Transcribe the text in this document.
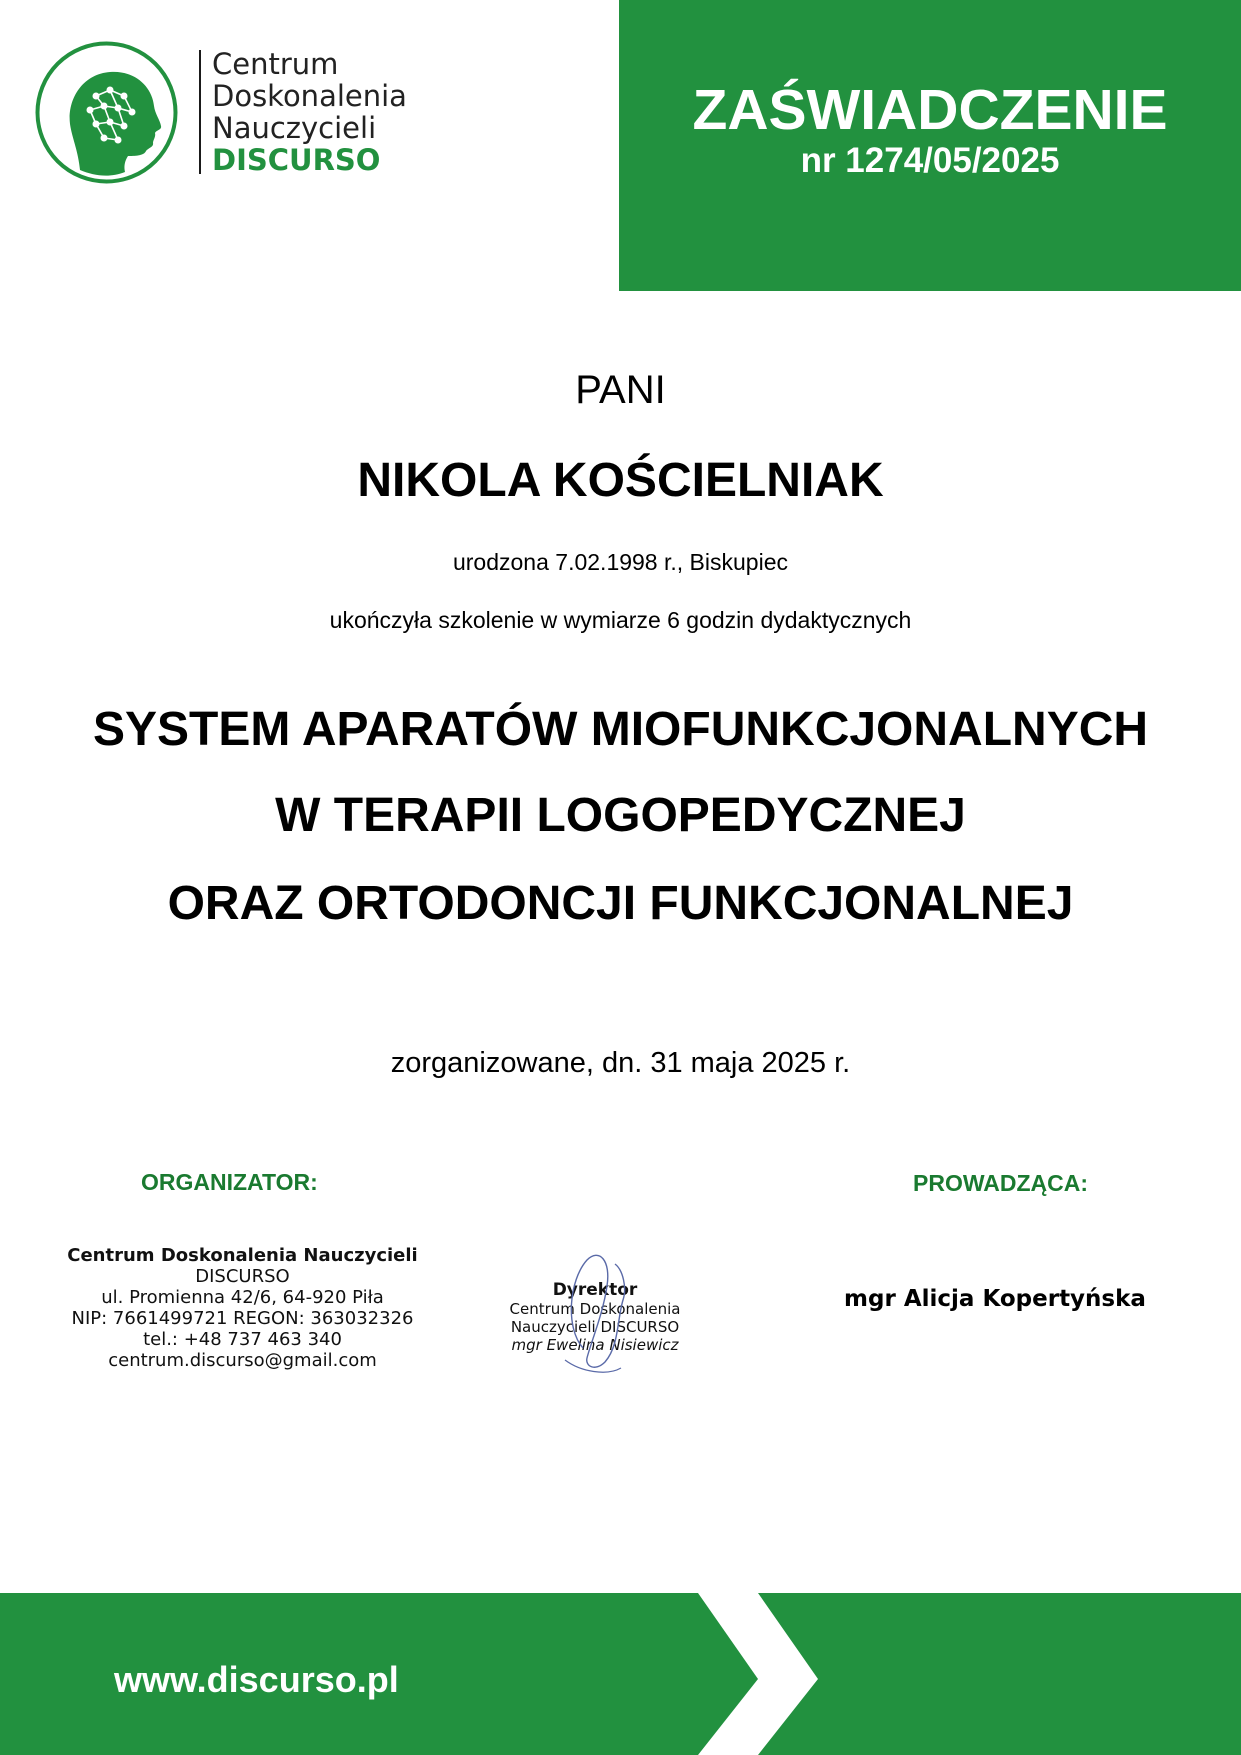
Centrum
Doskonalenia
Nauczycieli
DISCURSO
ZAŚWIADCZENIE
nr 1274/05/2025
PANI
NIKOLA KOŚCIELNIAK
urodzona 7.02.1998 r., Biskupiec
ukończyła szkolenie w wymiarze 6 godzin dydaktycznych
SYSTEM APARATÓW MIOFUNKCJONALNYCH
W TERAPII LOGOPEDYCZNEJ
ORAZ ORTODONCJI FUNKCJONALNEJ
zorganizowane, dn. 31 maja 2025 r.
ORGANIZATOR:	PROWADZĄCA:
Centrum Doskonalenia Nauczycieli
DISCURSO
ul. Promienna 42/6, 64-920 Piła
NIP: 7661499721 REGON: 363032326
tel.: +48 737 463 340
centrum.discurso@gmail.com
Dyrektor
Centrum Doskonalenia
Nauczycieli DISCURSO
mgr Ewelina Nisiewicz
mgr Alicja Kopertyńska
www.discurso.pl
